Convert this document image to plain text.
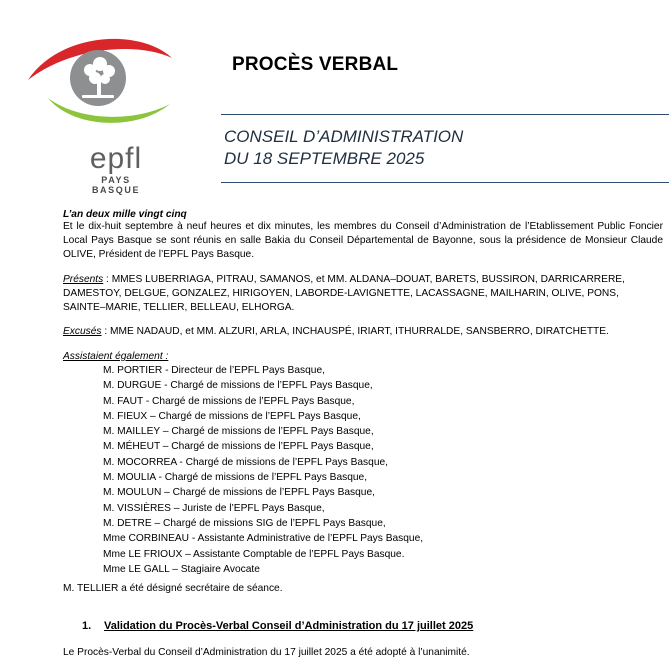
epfl
PAYS BASQUE
PROCÈS VERBAL
CONSEIL D’ADMINISTRATION
DU 18 SEPTEMBRE 2025
L’an deux mille vingt cinq
Et le dix-huit septembre à neuf heures et dix minutes, les membres du Conseil d’Administration de l’Etablissement Public Foncier Local Pays Basque se sont réunis en salle Bakia du Conseil Départemental de Bayonne, sous la présidence de Monsieur Claude OLIVE, Président de l’EPFL Pays Basque.
Présents : MMES LUBERRIAGA, PITRAU, SAMANOS, et MM. ALDANA–DOUAT, BARETS, BUSSIRON, DARRICARRERE, DAMESTOY, DELGUE, GONZALEZ, HIRIGOYEN, LABORDE-LAVIGNETTE, LACASSAGNE, MAILHARIN, OLIVE, PONS, SAINTE–MARIE, TELLIER, BELLEAU, ELHORGA.
Excusés : MME NADAUD, et MM. ALZURI, ARLA, INCHAUSPÉ, IRIART, ITHURRALDE, SANSBERRO, DIRATCHETTE.
Assistaient également :
M. PORTIER - Directeur de l’EPFL Pays Basque,
M. DURGUE - Chargé de missions de l’EPFL Pays Basque,
M. FAUT - Chargé de missions de l’EPFL Pays Basque,
M. FIEUX – Chargé de missions de l’EPFL Pays Basque,
M. MAILLEY – Chargé de missions de l’EPFL Pays Basque,
M. MÉHEUT – Chargé de missions de l’EPFL Pays Basque,
M. MOCORREA - Chargé de missions de l’EPFL Pays Basque,
M. MOULIA - Chargé de missions de l’EPFL Pays Basque,
M. MOULUN – Chargé de missions de l’EPFL Pays Basque,
M. VISSIÈRES – Juriste de l’EPFL Pays Basque,
M. DETRE – Chargé de missions SIG de l’EPFL Pays Basque,
Mme CORBINEAU - Assistante Administrative de l’EPFL Pays Basque,
Mme LE FRIOUX – Assistante Comptable de l’EPFL Pays Basque.
Mme LE GALL – Stagiaire Avocate
M. TELLIER a été désigné secrétaire de séance.
1. Validation du Procès-Verbal Conseil d’Administration du 17 juillet 2025
Le Procès-Verbal du Conseil d’Administration du 17 juillet 2025 a été adopté à l’unanimité.
